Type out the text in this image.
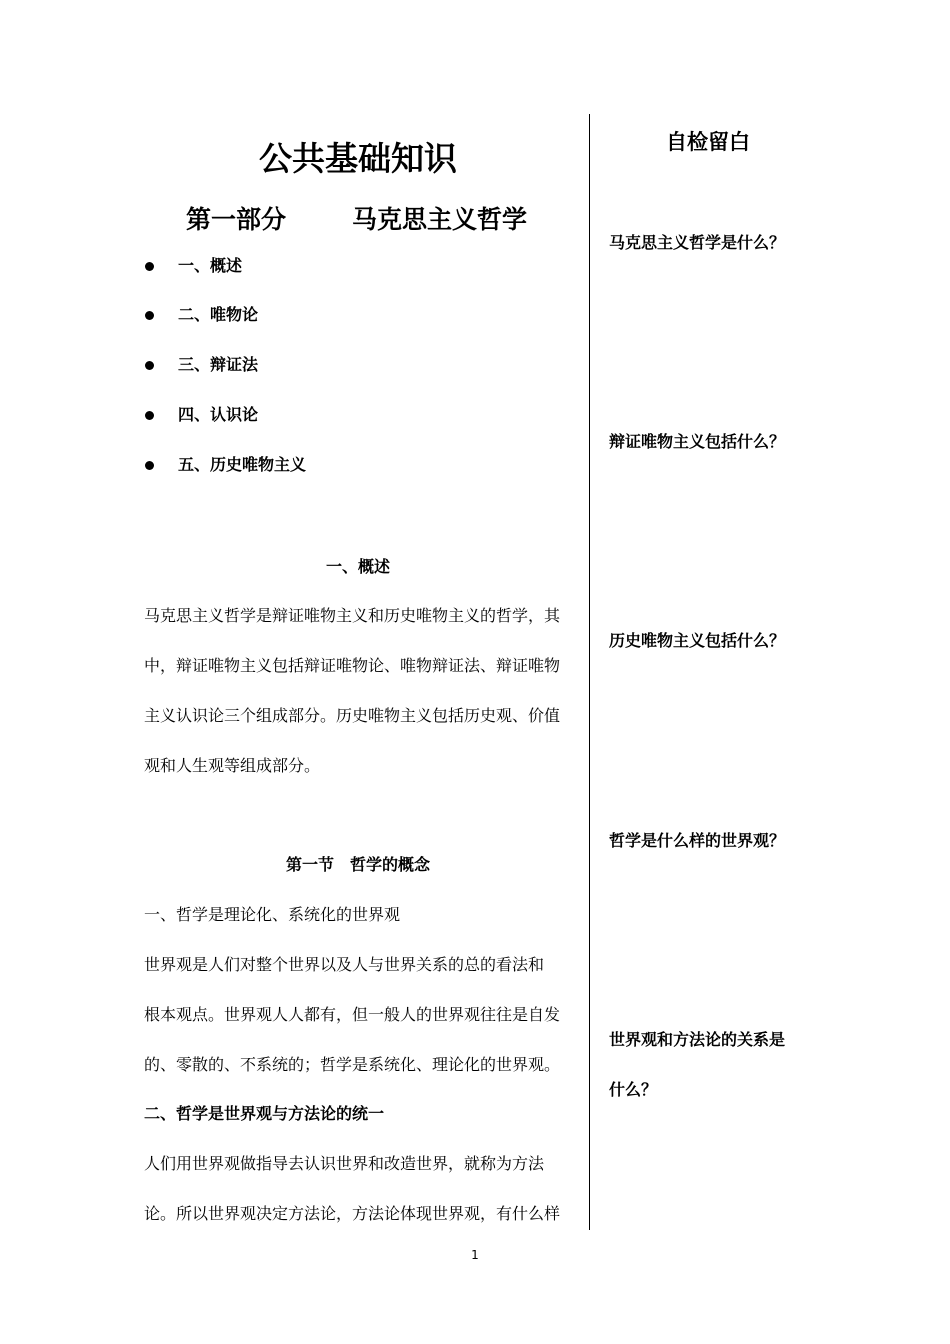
公共基础知识
第一部分	马克思主义哲学
一、概述
二、唯物论
三、辩证法
四、认识论
五、历史唯物主义
一、概述
马克思主义哲学是辩证唯物主义和历史唯物主义的哲学，其
中，辩证唯物主义包括辩证唯物论、唯物辩证法、辩证唯物
主义认识论三个组成部分。历史唯物主义包括历史观、价值
观和人生观等组成部分。
第一节　哲学的概念
一、哲学是理论化、系统化的世界观
世界观是人们对整个世界以及人与世界关系的总的看法和
根本观点。世界观人人都有，但一般人的世界观往往是自发
的、零散的、不系统的；哲学是系统化、理论化的世界观。
二、哲学是世界观与方法论的统一
人们用世界观做指导去认识世界和改造世界，就称为方法
论。所以世界观决定方法论，方法论体现世界观，有什么样
自检留白
马克思主义哲学是什么？
辩证唯物主义包括什么？
历史唯物主义包括什么？
哲学是什么样的世界观？
世界观和方法论的关系是
什么？
1
